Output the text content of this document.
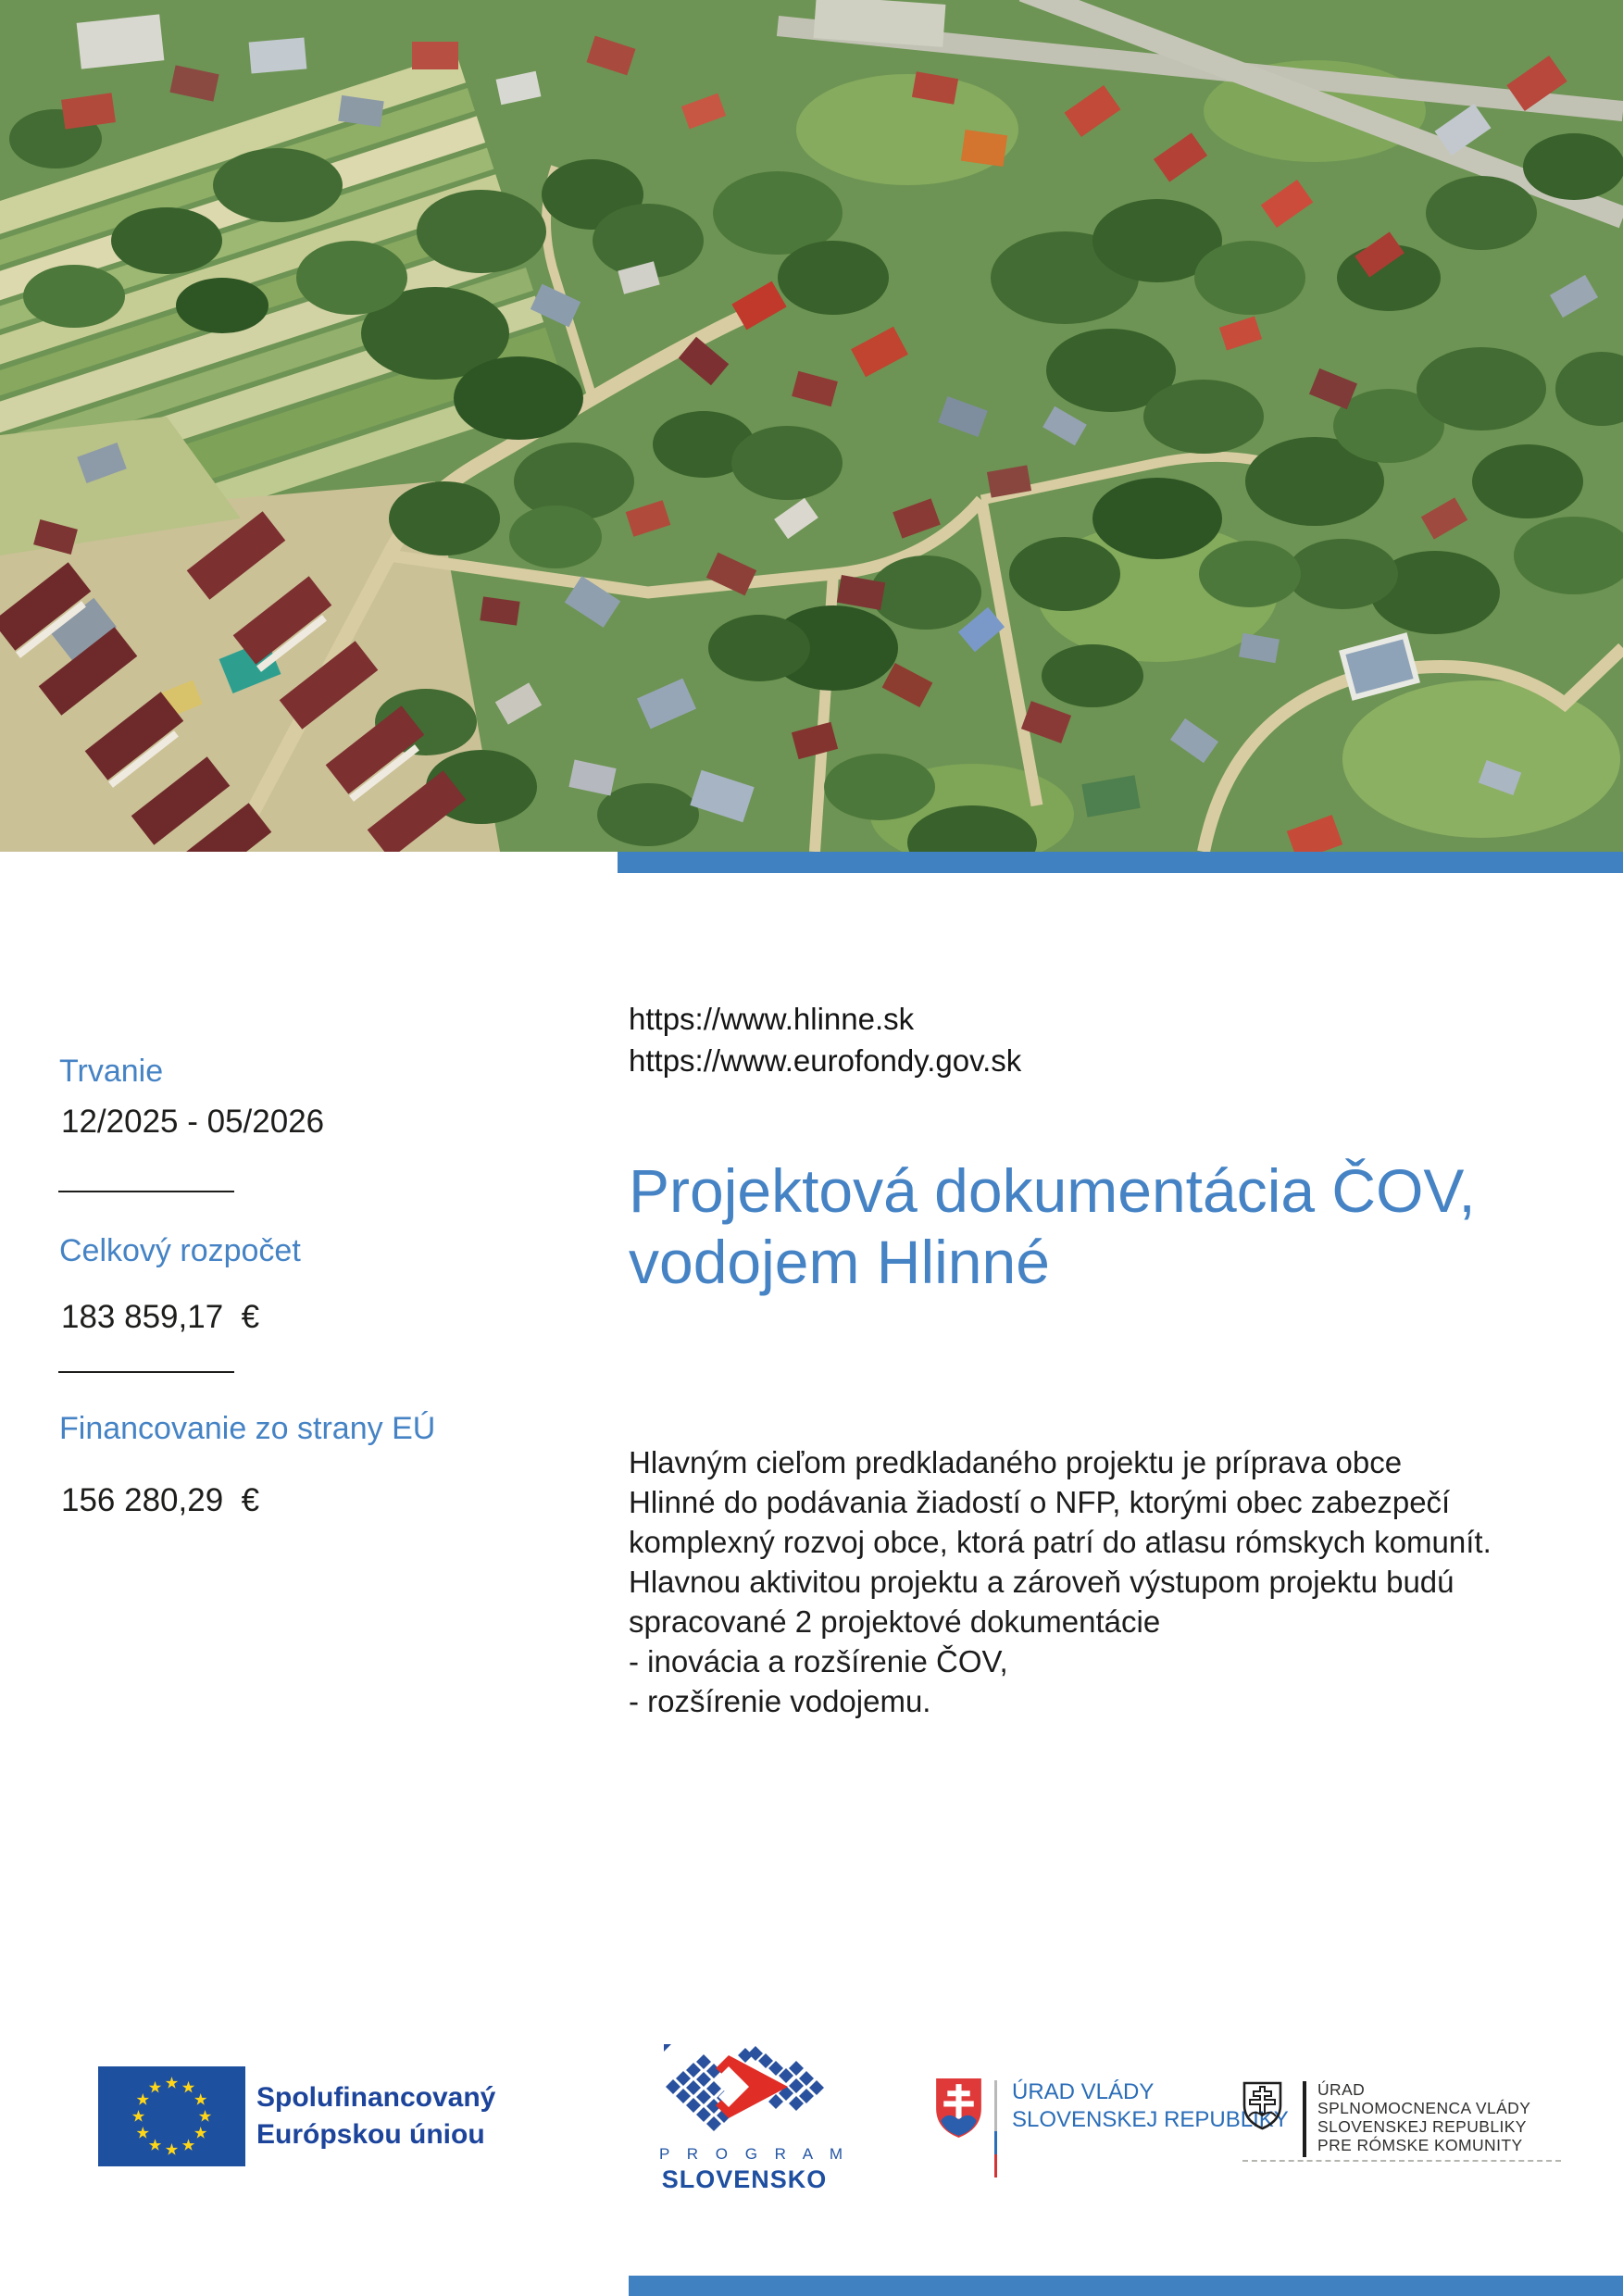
Trvanie
12/2025 - 05/2026
Celkový rozpočet
183 859,17  €
Financovanie zo strany EÚ
156 280,29  €
https://www.hlinne.sk
https://www.eurofondy.gov.sk
Projektová dokumentácia ČOV,
vodojem Hlinné
Hlavným cieľom predkladaného projektu je príprava obce
Hlinné do podávania žiadostí o NFP, ktorými obec zabezpečí
komplexný rozvoj obce, ktorá patrí do atlasu rómskych komunít.
Hlavnou aktivitou projektu a zároveň výstupom projektu budú
spracované 2 projektové dokumentácie
- inovácia a rozšírenie ČOV,
- rozšírenie vodojemu.
Spolufinancovaný
Európskou úniou
P R O G R A M
SLOVENSKO
ÚRAD VLÁDY
SLOVENSKEJ REPUBLIKY
ÚRAD
SPLNOMOCNENCA VLÁDY
SLOVENSKEJ REPUBLIKY
PRE RÓMSKE KOMUNITY
